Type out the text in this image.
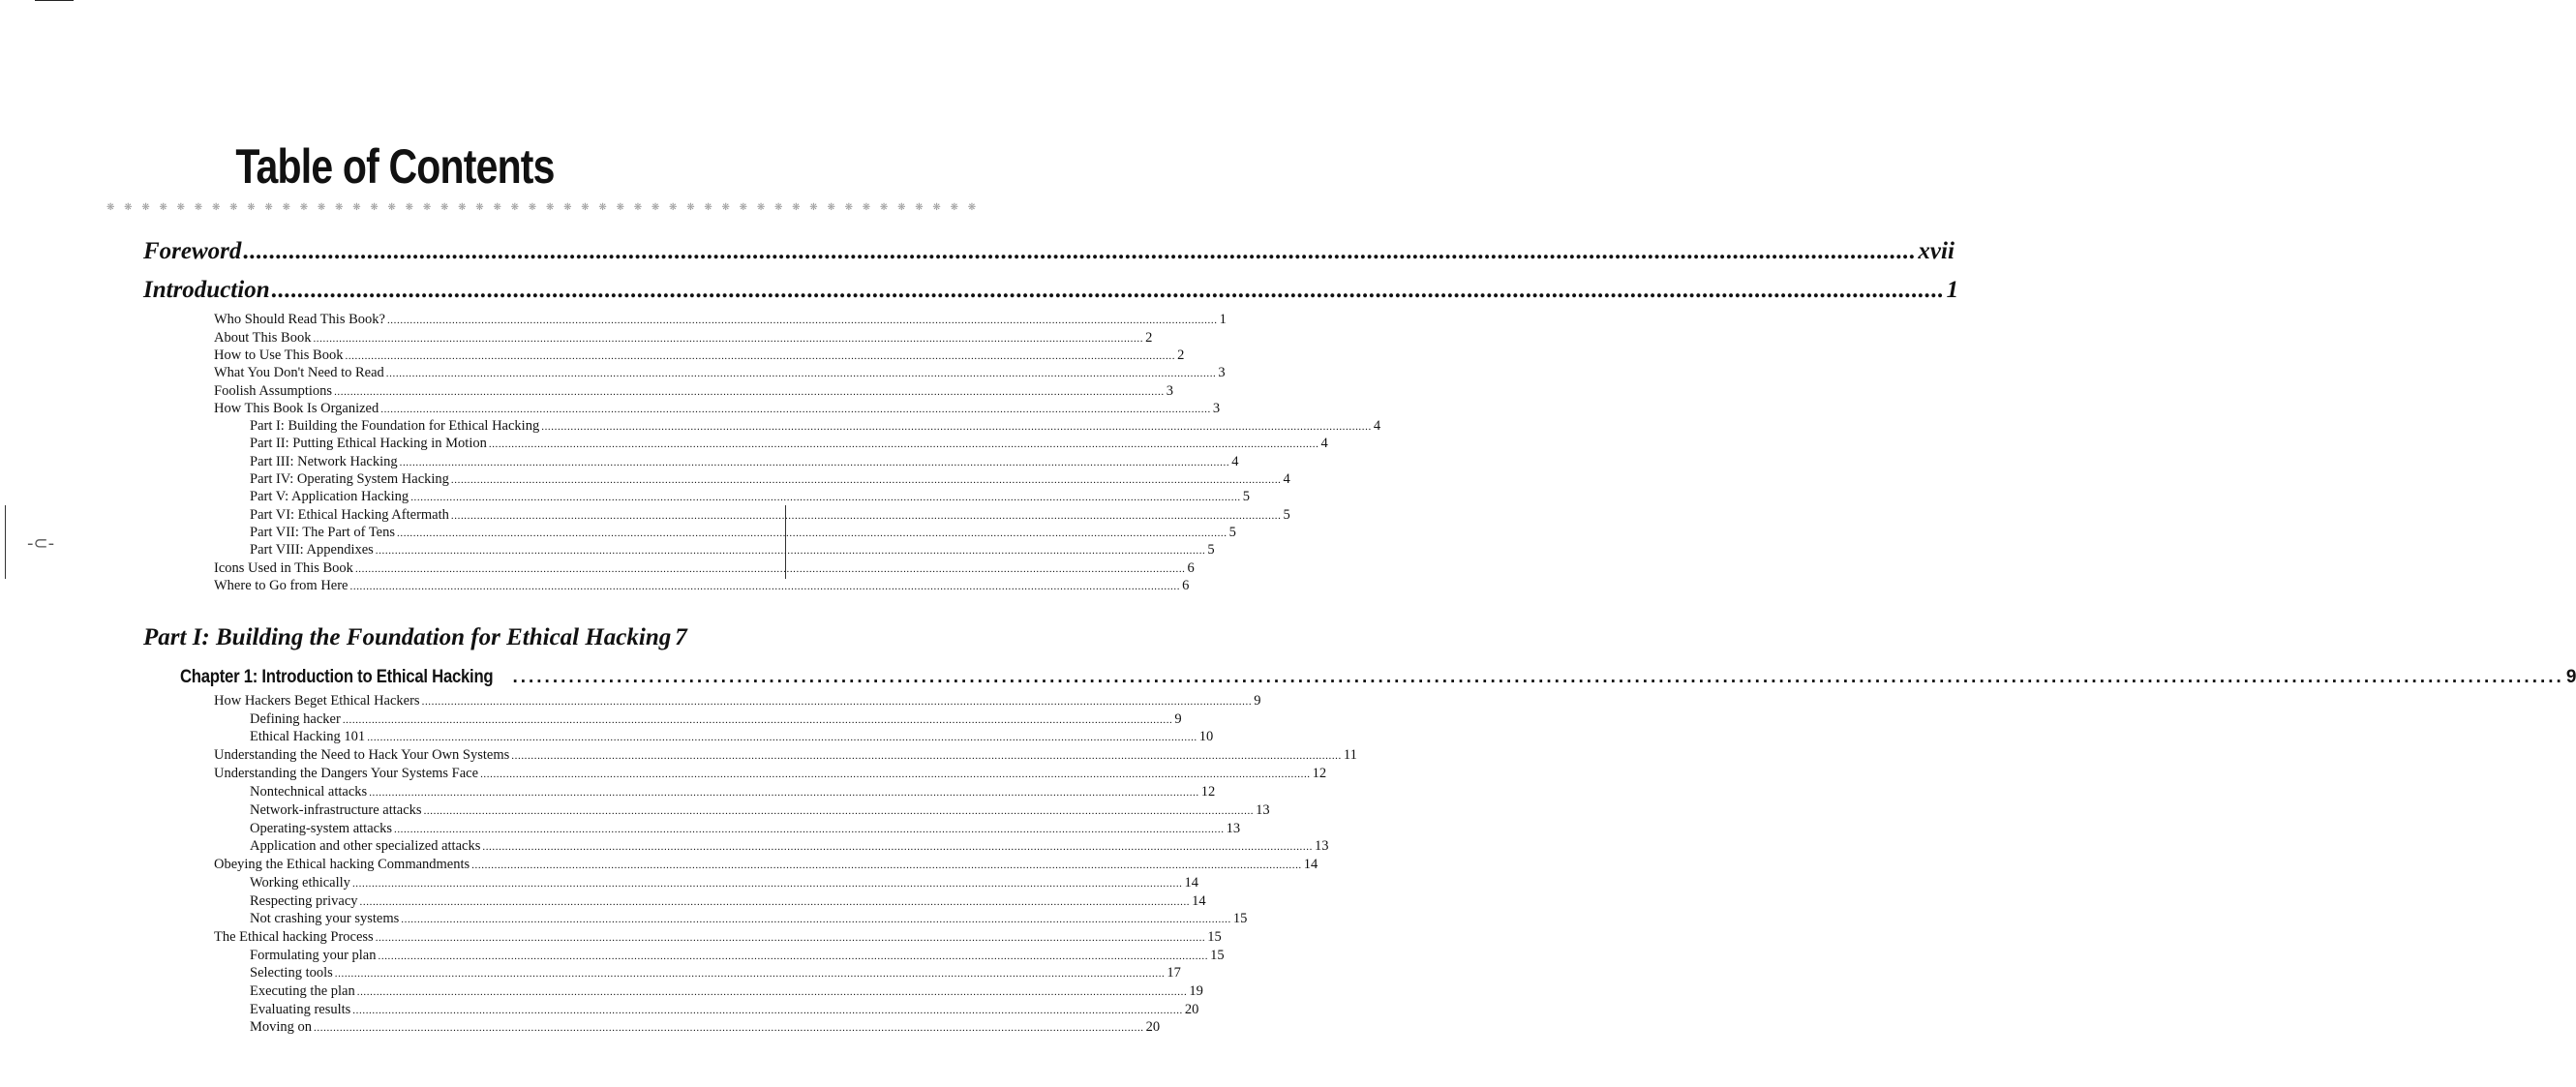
-⊂-
Table of Contents
❋ ❋ ❋ ❋ ❋ ❋ ❋ ❋ ❋ ❋ ❋ ❋ ❋ ❋ ❋ ❋ ❋ ❋ ❋ ❋ ❋ ❋ ❋ ❋ ❋ ❋ ❋ ❋ ❋ ❋ ❋ ❋ ❋ ❋ ❋ ❋ ❋ ❋ ❋ ❋ ❋ ❋ ❋ ❋ ❋ ❋ ❋ ❋ ❋ ❋
Foreword .....	xvii
Introduction .....	1
Who Should Read This Book? .....	1
About This Book .....	2
How to Use This Book .....	2
What You Don't Need to Read .....	3
Foolish Assumptions .....	3
How This Book Is Organized .....	3
Part I: Building the Foundation for Ethical Hacking .....	4
Part II: Putting Ethical Hacking in Motion .....	4
Part III: Network Hacking .....	4
Part IV: Operating System Hacking .....	4
Part V: Application Hacking .....	5
Part VI: Ethical Hacking Aftermath .....	5
Part VII: The Part of Tens .....	5
Part VIII: Appendixes .....	5
Icons Used in This Book .....	6
Where to Go from Here .....	6
Part I: Building the Foundation for Ethical Hacking 7
Chapter 1: Introduction to Ethical Hacking .....	9
How Hackers Beget Ethical Hackers .....	9
Defining hacker .....	9
Ethical Hacking 101 .....	10
Understanding the Need to Hack Your Own Systems .....	11
Understanding the Dangers Your Systems Face .....	12
Nontechnical attacks .....	12
Network-infrastructure attacks .....	13
Operating-system attacks .....	13
Application and other specialized attacks .....	13
Obeying the Ethical hacking Commandments .....	14
Working ethically .....	14
Respecting privacy .....	14
Not crashing your systems .....	15
The Ethical hacking Process .....	15
Formulating your plan .....	15
Selecting tools .....	17
Executing the plan .....	19
Evaluating results .....	20
Moving on .....	20
